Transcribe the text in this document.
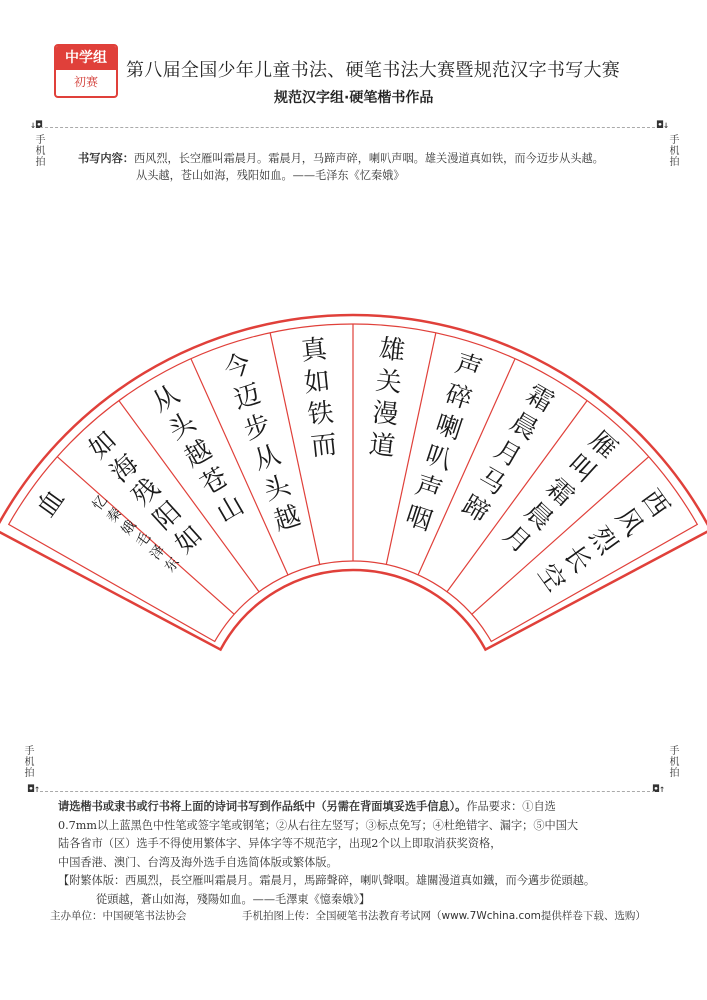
中学组
初赛
第八届全国少年儿童书法、硬笔书法大赛暨规范汉字书写大赛
规范汉字组·硬笔楷书作品
↓◘
手机拍
◘↓
手机拍
手机拍
◘↑
手机拍
◘↑
书写内容：西风烈，长空雁叫霜晨月。霜晨月，马蹄声碎，喇叭声咽。雄关漫道真如铁，而今迈步从头越。
从头越，苍山如海，残阳如血。——毛泽东《忆秦娥》
西
风
烈
长
空
雁
叫
霜
晨
月
霜
晨
月
马
蹄
声
碎
喇
叭
声
咽
雄
关
漫
道
真
如
铁
而
今
迈
步
从
头
越
从
头
越
苍
山
如
海
残
阳
如
血 忆
秦
娥
毛
泽
东
请选楷书或隶书或行书将上面的诗词书写到作品纸中（另需在背面填妥选手信息）。作品要求：①自选
0.7mm以上蓝黑色中性笔或签字笔或钢笔；②从右往左竖写；③标点免写；④杜绝错字、漏字；⑤中国大
陆各省市（区）选手不得使用繁体字、异体字等不规范字，出现2个以上即取消获奖资格，
中国香港、澳门、台湾及海外选手自选简体版或繁体版。
【附繁体版：西風烈，長空雁叫霜晨月。霜晨月，馬蹄聲碎，喇叭聲咽。雄關漫道真如鐵，而今邁步從頭越。
從頭越，蒼山如海，殘陽如血。——毛澤東《憶秦娥》】
主办单位：中国硬笔书法协会	手机拍图上传：全国硬笔书法教育考试网（www.7Wchina.com提供样卷下载、选购）
